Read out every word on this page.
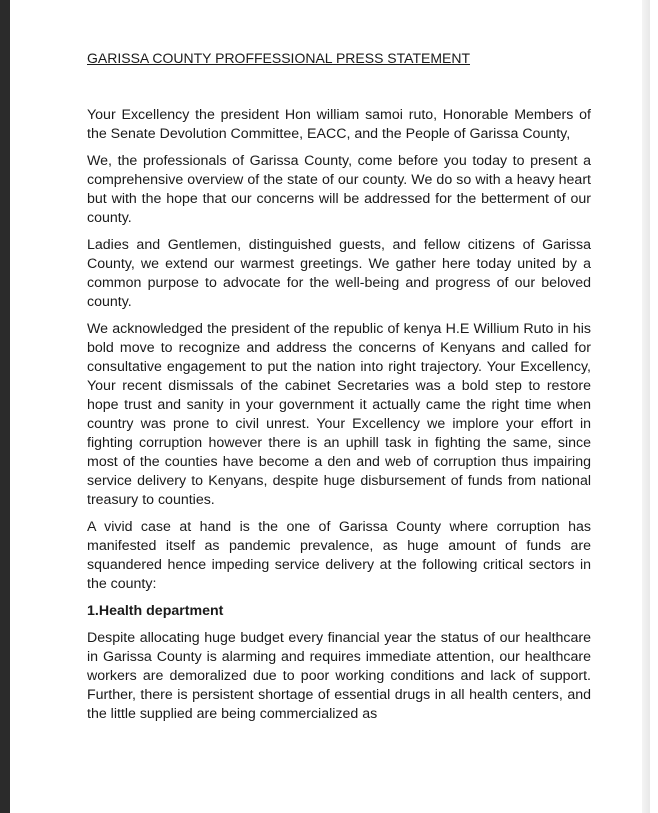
GARISSA COUNTY PROFFESSIONAL PRESS STATEMENT

Your Excellency the president Hon william samoi ruto, Honorable Members of the Senate Devolution Committee, EACC, and the People of Garissa County,

We, the professionals of Garissa County, come before you today to present a comprehensive overview of the state of our county. We do so with a heavy heart but with the hope that our concerns will be addressed for the betterment of our county.

Ladies and Gentlemen, distinguished guests, and fellow citizens of Garissa County, we extend our warmest greetings. We gather here today united by a common purpose to advocate for the well-being and progress of our beloved county.

We acknowledged the president of the republic of kenya H.E Willium Ruto in his bold move to recognize and address the concerns of Kenyans and called for consultative engagement to put the nation into right trajectory. Your Excellency, Your recent dismissals of the cabinet Secretaries was a bold step to restore hope trust and sanity in your government it actually came the right time when country was prone to civil unrest. Your Excellency we implore your effort in fighting corruption however there is an uphill task in fighting the same, since most of the counties have become a den and web of corruption thus impairing service delivery to Kenyans, despite huge disbursement of funds from national treasury to counties.

A vivid case at hand is the one of Garissa County where corruption has manifested itself as pandemic prevalence, as huge amount of funds are squandered hence impeding service delivery at the following critical sectors in the county:

1.Health department

Despite allocating huge budget every financial year the status of our healthcare in Garissa County is alarming and requires immediate attention, our healthcare workers are demoralized due to poor working conditions and lack of support. Further, there is persistent shortage of essential drugs in all health centers, and the little supplied are being commercialized as
